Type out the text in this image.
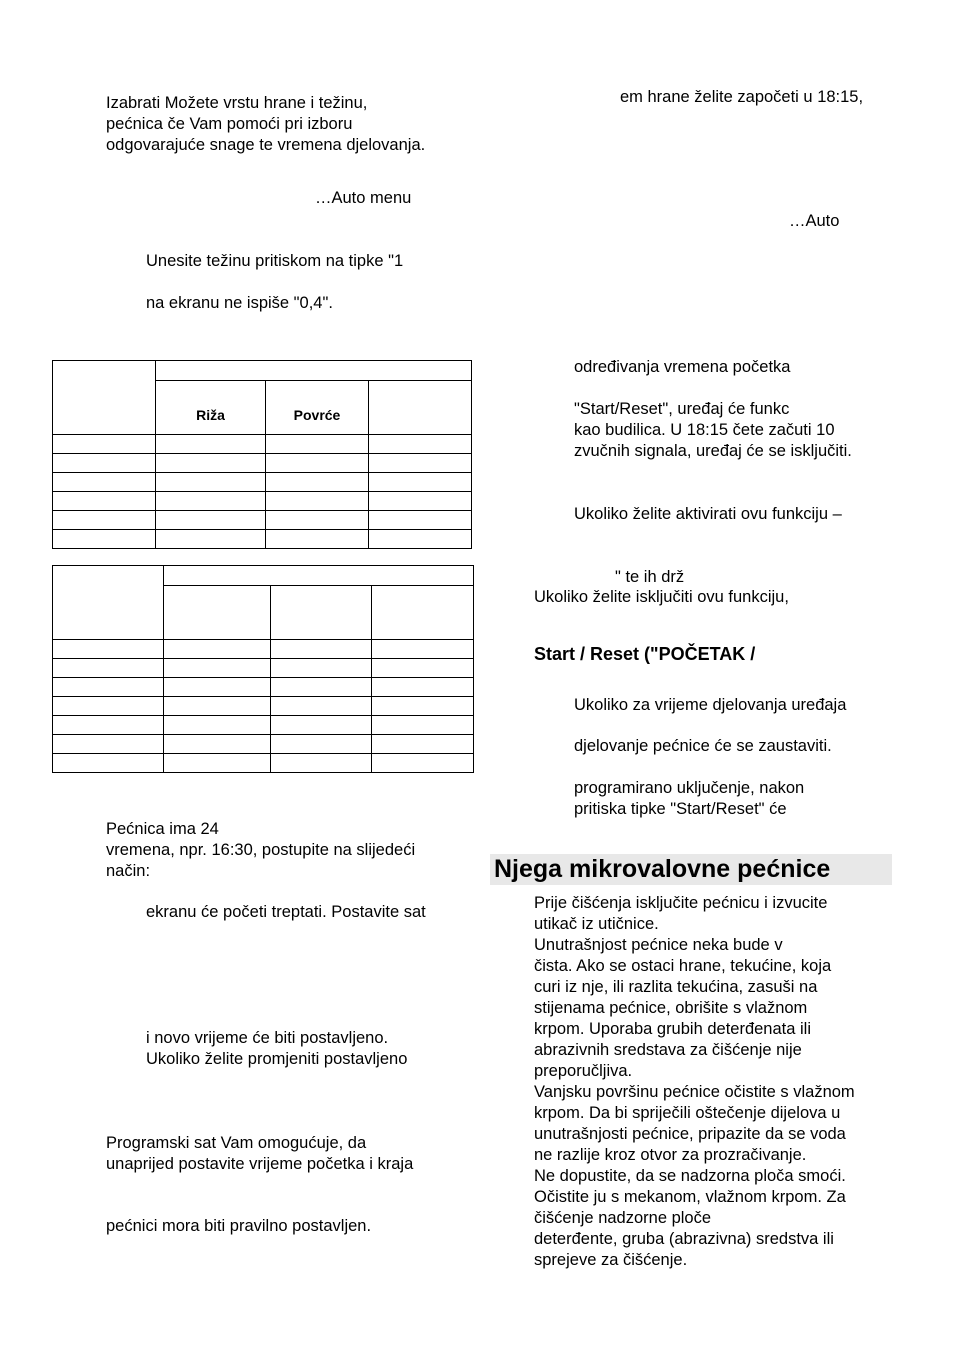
Izabrati Možete vrstu hrane i težinu,
pećnica če Vam pomoći pri izboru
odgovarajuće snage te vremena djelovanja.

…Auto menu

Unesite težinu pritiskom na tipke "1

na ekranu ne ispiše "0,4".

	Riža	Povrće	

Pećnica ima 24
vremena, npr. 16:30, postupite na slijedeći
način:

ekranu će početi treptati. Postavite sat

i novo vrijeme će biti postavljeno.
Ukoliko želite promjeniti postavljeno
Programski sat Vam omogućuje, da
unaprijed postavite vrijeme početka i kraja

pećnici mora biti pravilno postavljen.

em hrane želite započeti u 18:15,

…Auto

određivanja vremena početka

"Start/Reset", uređaj će funkc
kao budilica. U 18:15 čete začuti 10
zvučnih signala, uređaj će se isključiti.

Ukoliko želite aktivirati ovu funkciju –

" te ih drž

Ukoliko želite isključiti ovu funkciju,

Start / Reset ("POČETAK /

Ukoliko za vrijeme djelovanja uređaja

djelovanje pećnice će se zaustaviti.

programirano uključenje, nakon
pritiska tipke "Start/Reset" će
Njega mikrovalovne pećnice
Prije čišćenja isključite pećnicu i izvucite
utikač iz utičnice.
Unutrašnjost pećnice neka bude v
čista. Ako se ostaci hrane, tekućine, koja
curi iz nje, ili razlita tekućina, zasuši na
stijenama pećnice, obrišite s vlažnom
krpom. Uporaba grubih deterđenata ili
abrazivnih sredstava za čišćenje nije
preporučljiva.
Vanjsku površinu pećnice očistite s vlažnom
krpom. Da bi spriječili oštečenje dijelova u
unutrašnjosti pećnice, pripazite da se voda
ne razlije kroz otvor za prozračivanje.
Ne dopustite, da se nadzorna ploča smoći.
Očistite ju s mekanom, vlažnom krpom. Za
čišćenje nadzorne ploče
deterđente, gruba (abrazivna) sredstva ili
spreјeve za čišćenje.
